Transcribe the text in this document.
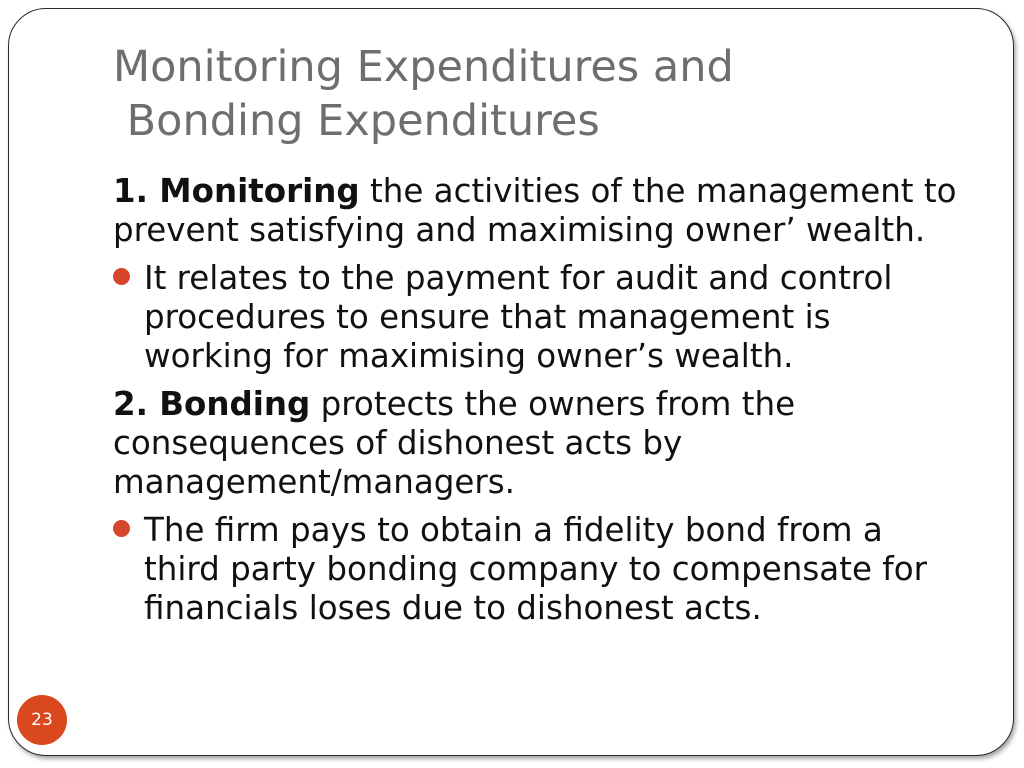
Monitoring Expenditures and
Bonding Expenditures

1. Monitoring the activities of the management to prevent satisfying and maximising owner’ wealth.

It relates to the payment for audit and control procedures to ensure that management is working for maximising owner’s wealth.

2. Bonding protects the owners from the consequences of dishonest acts by management/managers.

The firm pays to obtain a fidelity bond from a third party bonding company to compensate for financials loses due to dishonest acts.
23
